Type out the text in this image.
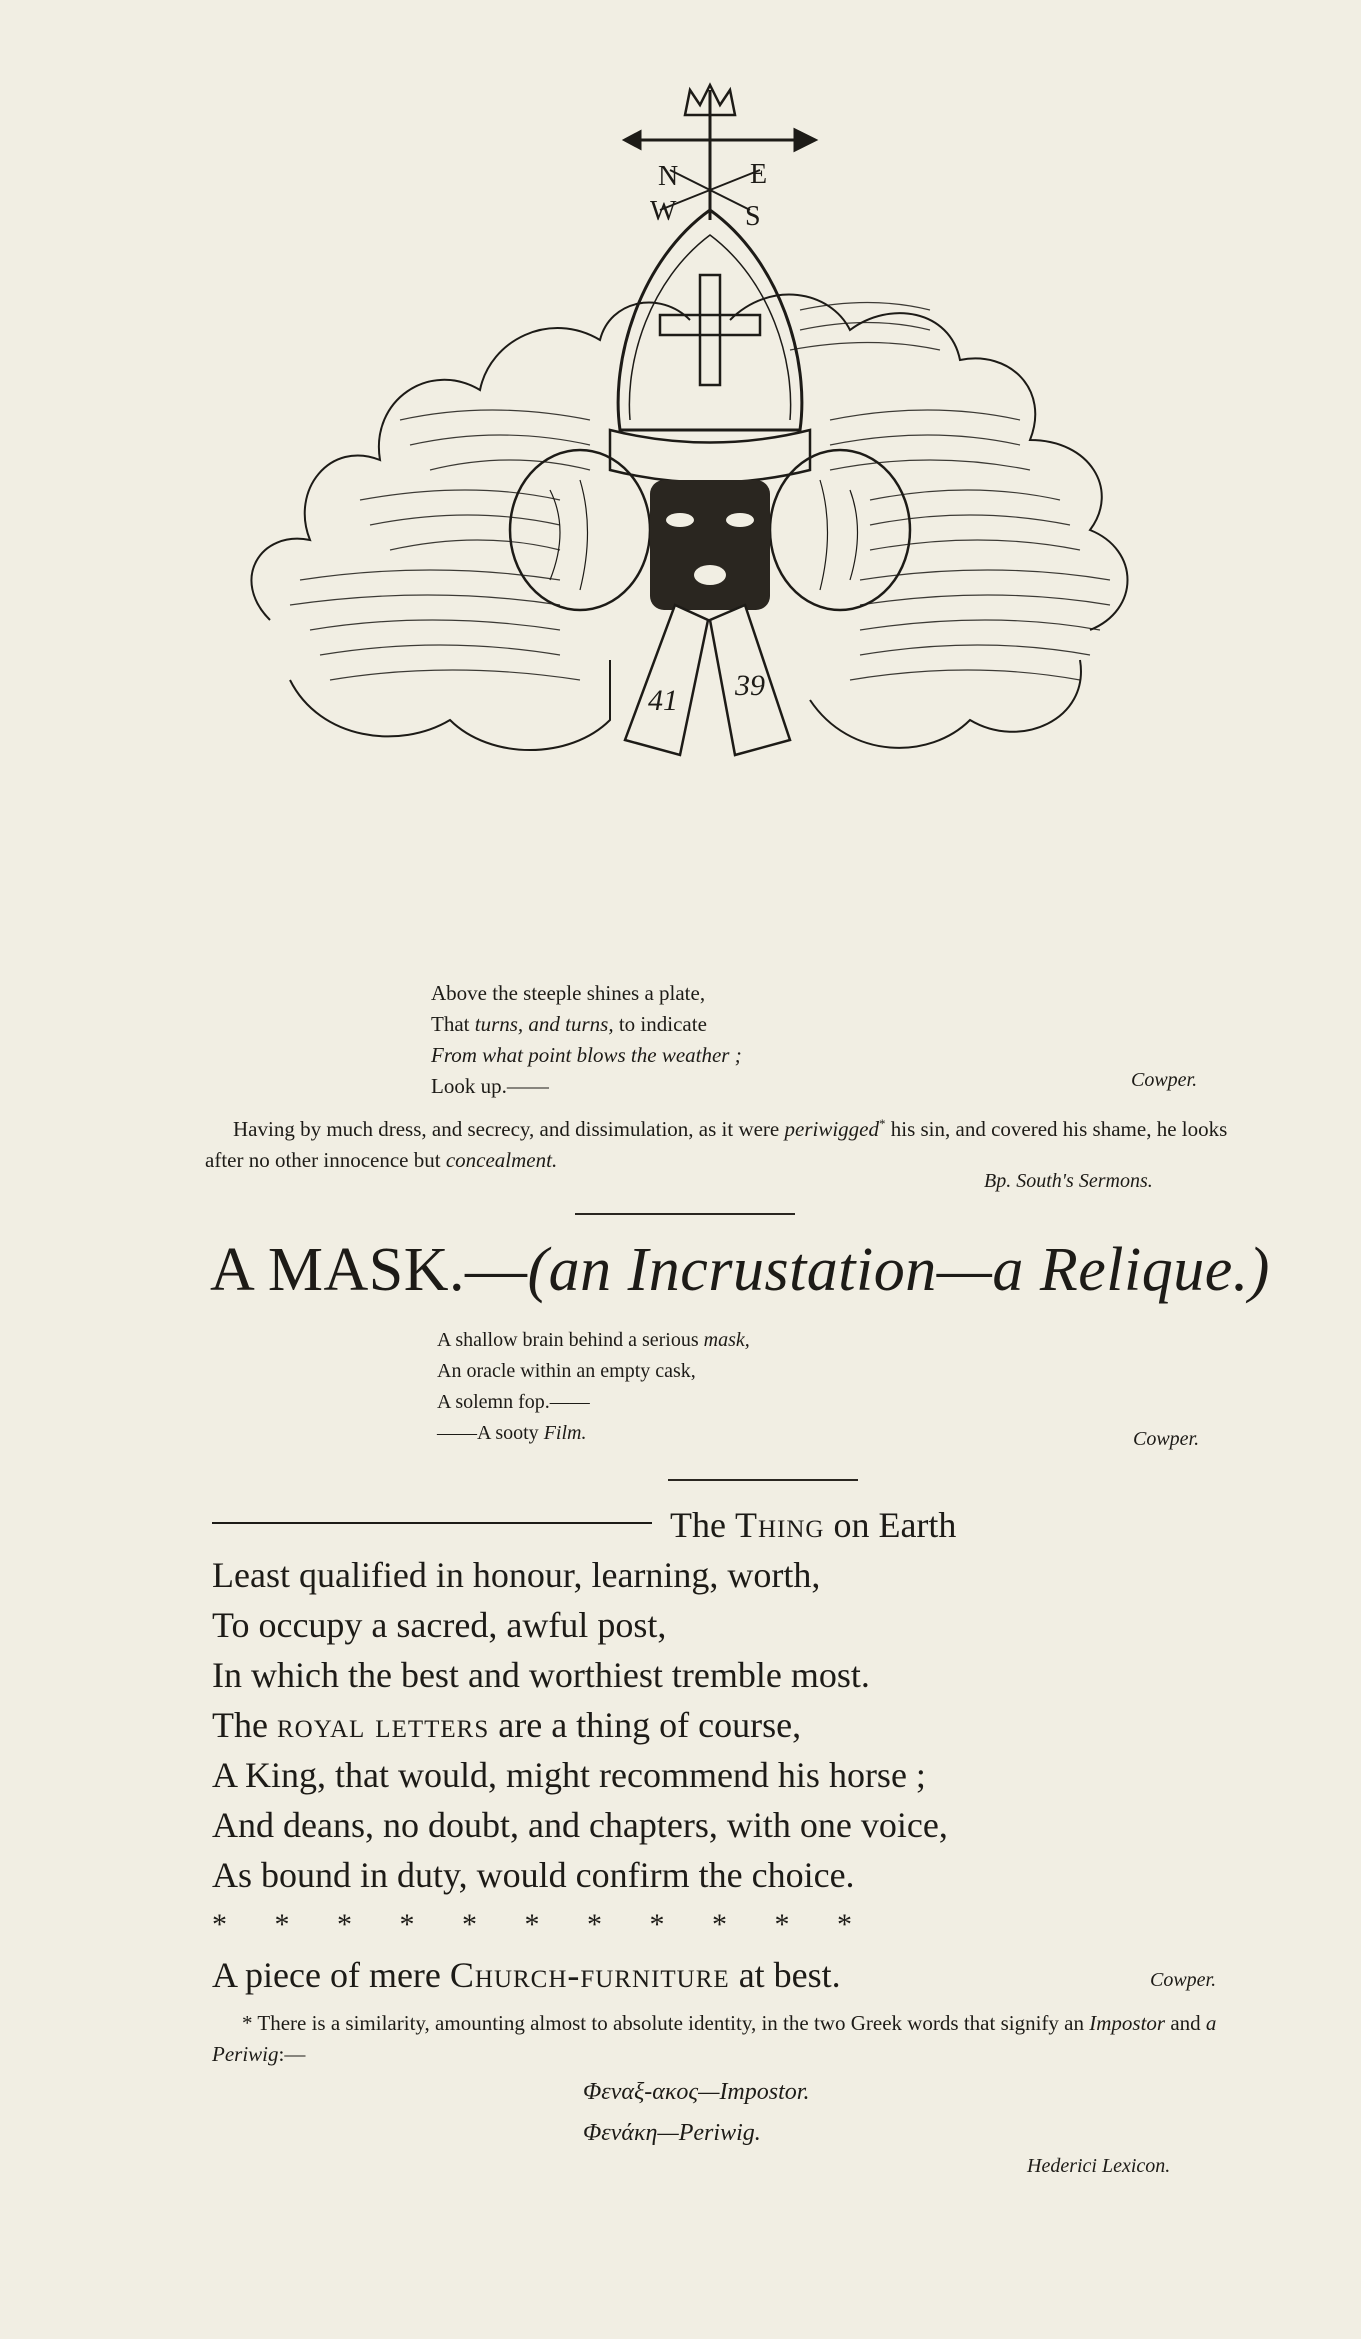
41 39
N	E
W S
Above the steeple shines a plate,
That turns, and turns, to indicate
From what point blows the weather ;
Look up.——	Cowper.
Having by much dress, and secrecy, and dissimulation, as it were periwigged* his sin, and covered his shame, he looks after no other innocence but concealment.
Bp. South's Sermons.
A MASK.—(an Incrustation—a Relique.)
A shallow brain behind a serious mask,
An oracle within an empty cask,
A solemn fop.——
——A sooty Film.	Cowper.
The Thing on Earth
Least qualified in honour, learning, worth,
To occupy a sacred, awful post,
In which the best and worthiest tremble most.
The royal letters are a thing of course,
A King, that would, might recommend his horse ;
And deans, no doubt, and chapters, with one voice,
As bound in duty, would confirm the choice.
* * * * * * * * * * *
A piece of mere Church-furniture at best.	Cowper.
* There is a similarity, amounting almost to absolute identity, in the two Greek words that signify an Impostor and a Periwig:—
Φεναξ-ακος—Impostor.
Φενάκη—Periwig.
Hederici Lexicon.
